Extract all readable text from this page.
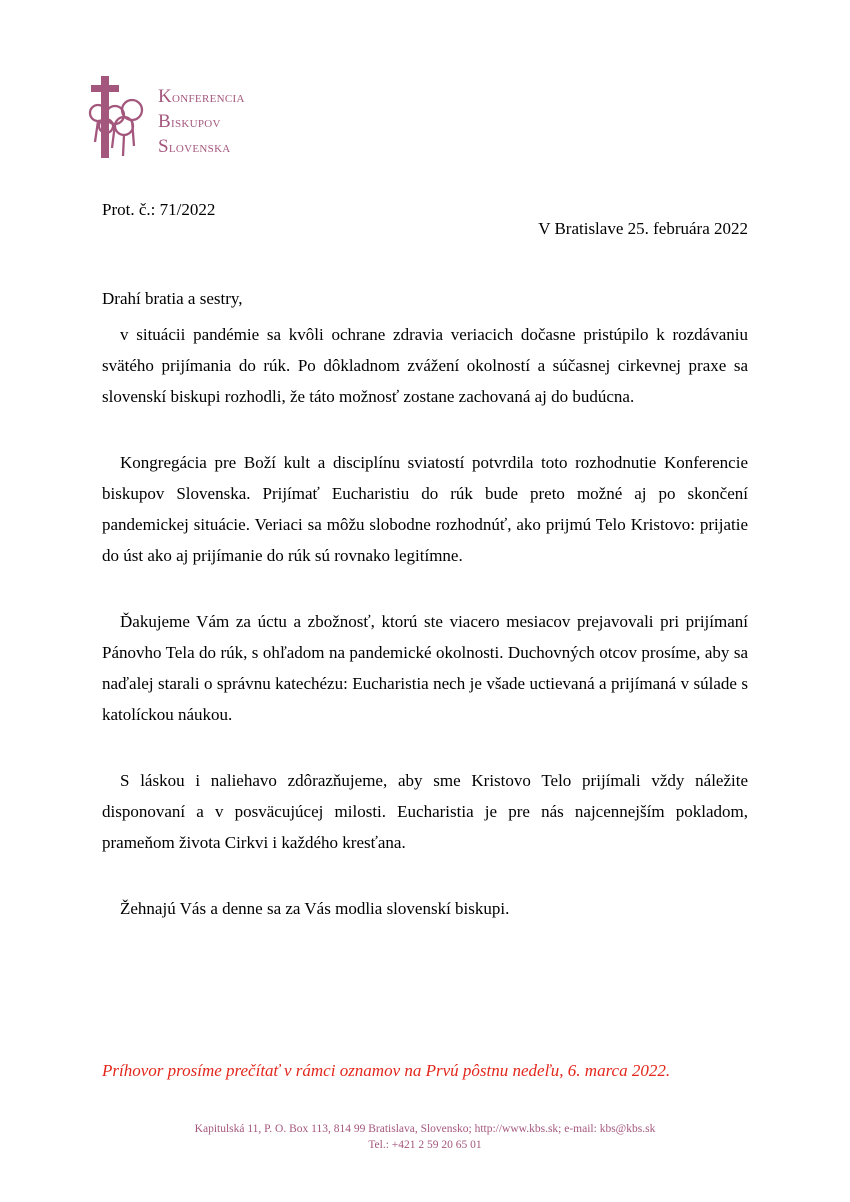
Konferencia
Biskupov
Slovenska
Prot. č.: 71/2022
V Bratislave 25. februára 2022

Drahí bratia a sestry,

v situácii pandémie sa kvôli ochrane zdravia veriacich dočasne pristúpilo k rozdávaniu svätého prijímania do rúk. Po dôkladnom zvážení okolností a súčasnej cirkevnej praxe sa slovenskí biskupi rozhodli, že táto možnosť zostane zachovaná aj do budúcna.

Kongregácia pre Boží kult a disciplínu sviatostí potvrdila toto rozhodnutie Konferencie biskupov Slovenska. Prijímať Eucharistiu do rúk bude preto možné aj po skončení pandemickej situácie. Veriaci sa môžu slobodne rozhodnúť, ako prijmú Telo Kristovo: prijatie do úst ako aj prijímanie do rúk sú rovnako legitímne.

Ďakujeme Vám za úctu a zbožnosť, ktorú ste viacero mesiacov prejavovali pri prijímaní Pánovho Tela do rúk, s ohľadom na pandemické okolnosti. Duchovných otcov prosíme, aby sa naďalej starali o správnu katechézu: Eucharistia nech je všade uctievaná a prijímaná v súlade s katolíckou náukou.

S láskou i naliehavo zdôrazňujeme, aby sme Kristovo Telo prijímali vždy náležite disponovaní a v posväcujúcej milosti. Eucharistia je pre nás najcennejším pokladom, prameňom života Cirkvi i každého kresťana.

Žehnajú Vás a denne sa za Vás modlia slovenskí biskupi.

Príhovor prosíme prečítať v rámci oznamov na Prvú pôstnu nedeľu, 6. marca 2022.
Kapitulská 11, P. O. Box 113, 814 99 Bratislava, Slovensko; http://www.kbs.sk; e-mail: kbs@kbs.sk
Tel.: +421 2 59 20 65 01
